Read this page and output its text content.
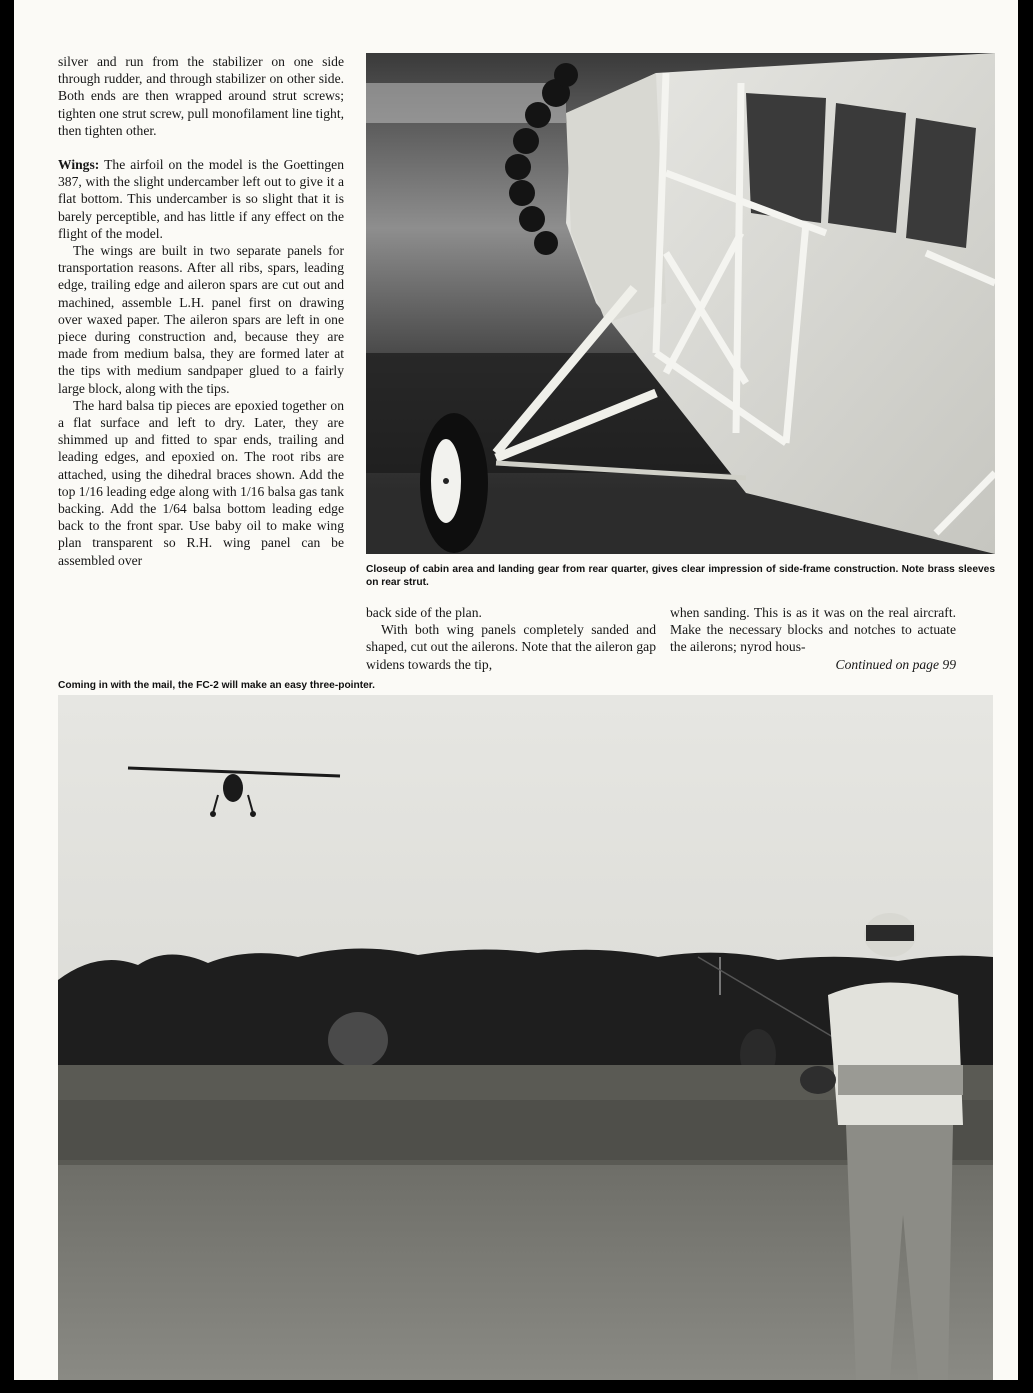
silver and run from the stabilizer on one side through rudder, and through stabilizer on other side. Both ends are then wrapped around strut screws; tighten one strut screw, pull monofilament line tight, then tighten other.

Wings: The airfoil on the model is the Goettingen 387, with the slight undercamber left out to give it a flat bottom. This undercamber is so slight that it is barely perceptible, and has little if any effect on the flight of the model.

The wings are built in two separate panels for transportation reasons. After all ribs, spars, leading edge, trailing edge and aileron spars are cut out and machined, assemble L.H. panel first on drawing over waxed paper. The aileron spars are left in one piece during construction and, because they are made from medium balsa, they are formed later at the tips with medium sandpaper glued to a fairly large block, along with the tips.

The hard balsa tip pieces are epoxied together on a flat surface and left to dry. Later, they are shimmed up and fitted to spar ends, trailing and leading edges, and epoxied on. The root ribs are attached, using the dihedral braces shown. Add the top 1/16 leading edge along with 1/16 balsa gas tank backing. Add the 1/64 balsa bottom leading edge back to the front spar. Use baby oil to make wing plan transparent so R.H. wing panel can be assembled over

Closeup of cabin area and landing gear from rear quarter, gives clear impression of side-frame construction. Note brass sleeves on rear strut.

back side of the plan.

With both wing panels completely sanded and shaped, cut out the ailerons. Note that the aileron gap widens towards the tip,

when sanding. This is as it was on the real aircraft. Make the necessary blocks and notches to actuate the ailerons; nyrod hous-

Continued on page 99
Coming in with the mail, the FC-2 will make an easy three-pointer.
